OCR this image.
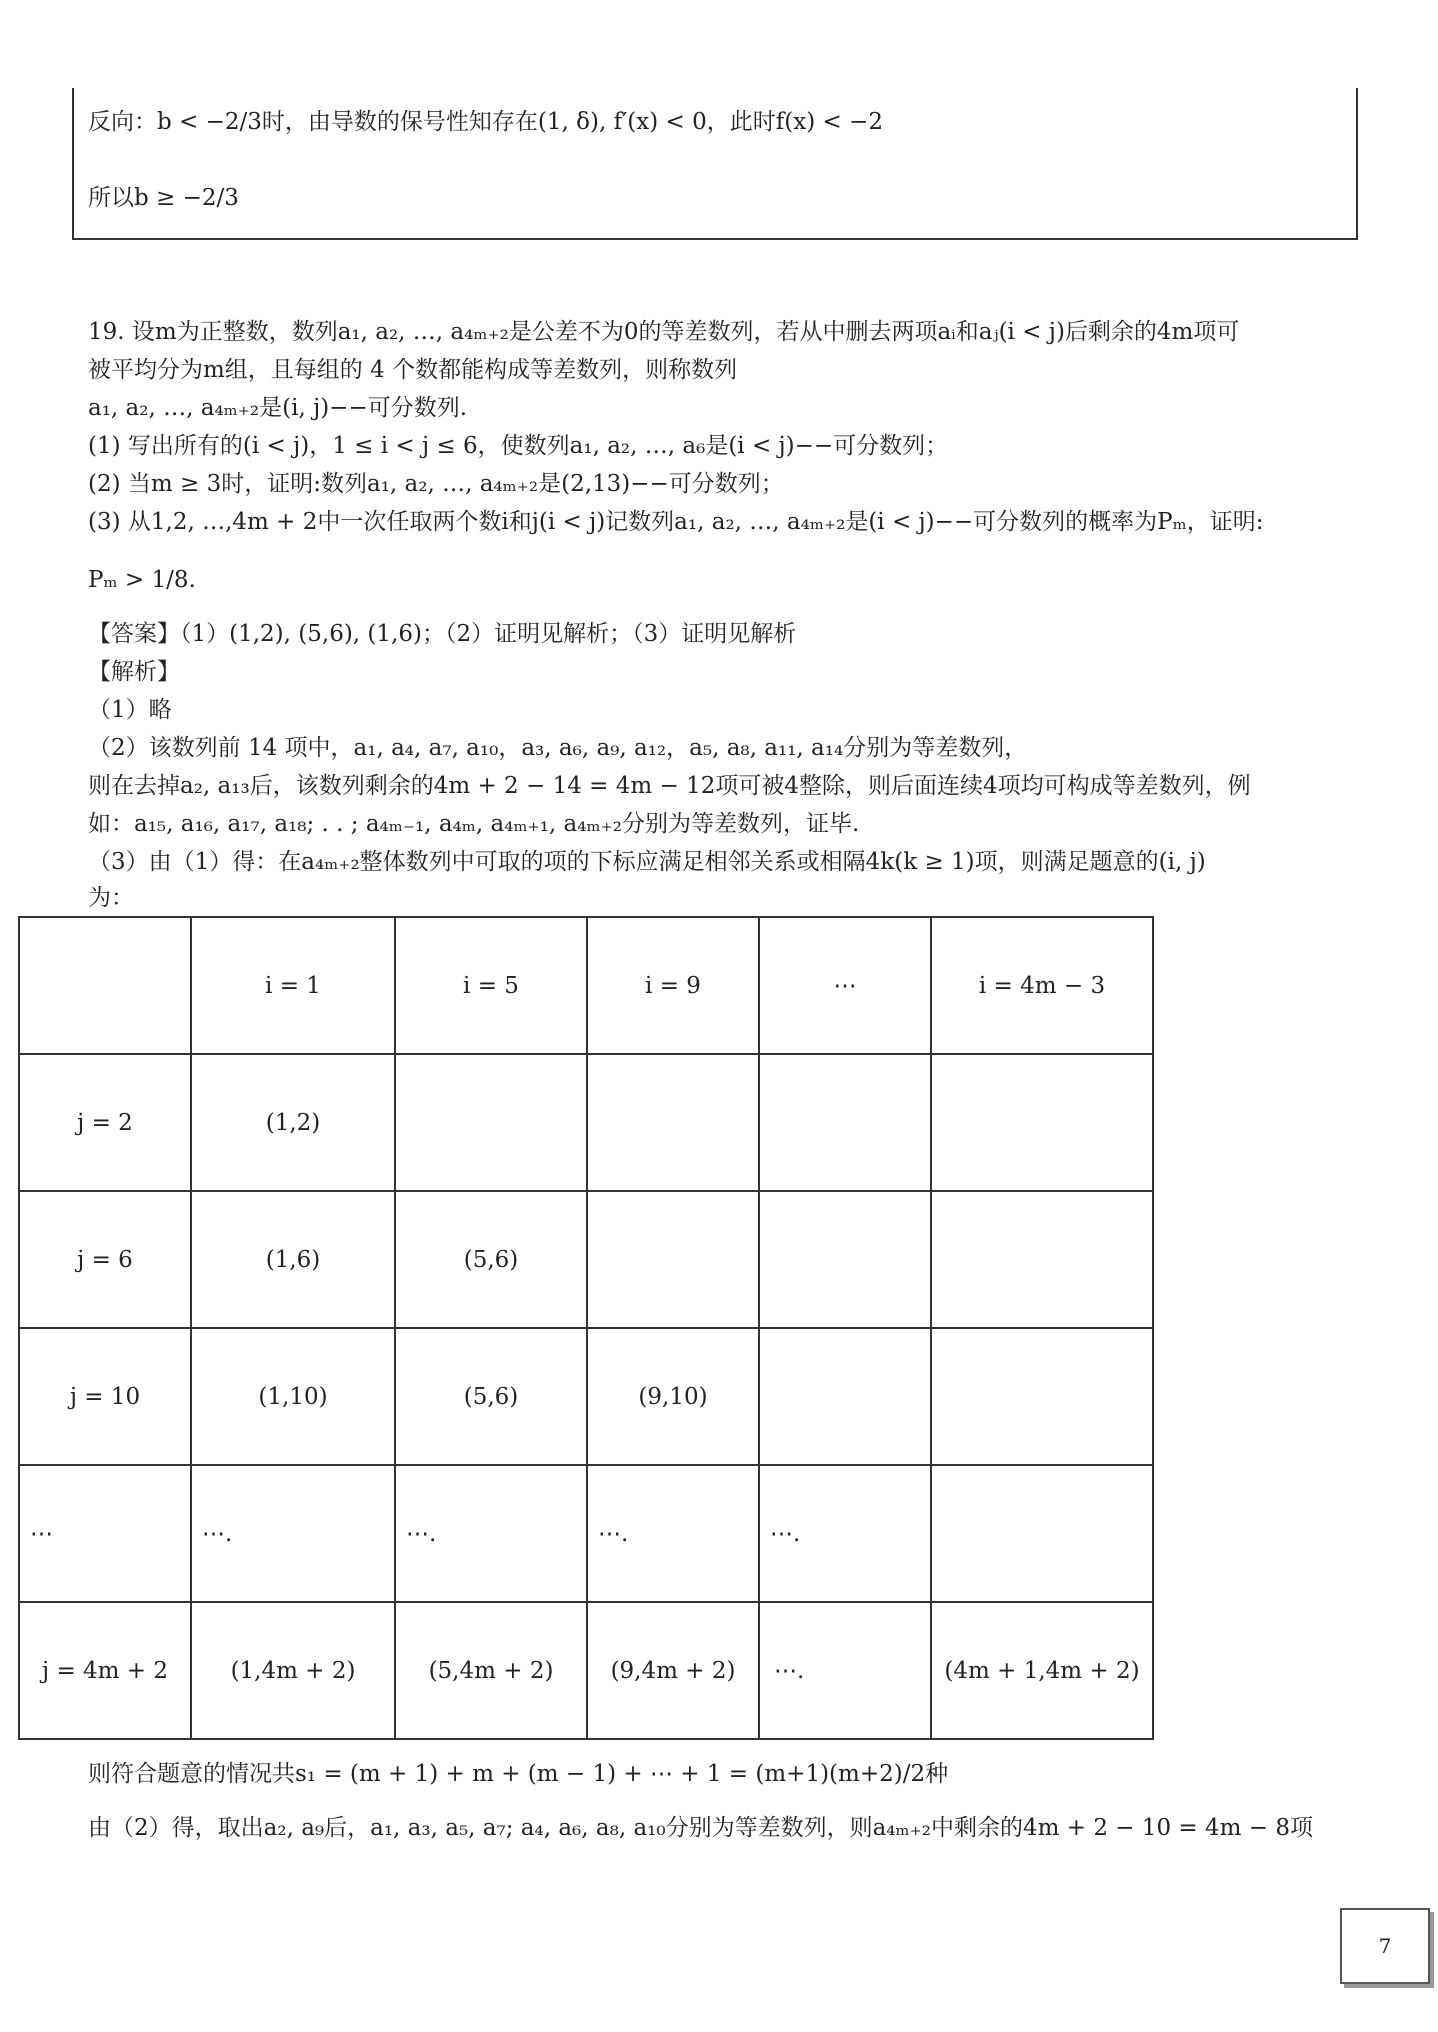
反向：b < −2/3时，由导数的保号性知存在(1, δ), f′(x) < 0，此时f(x) < −2
所以b ≥ −2/3
19. 设m为正整数，数列a₁, a₂, …, a₄ₘ₊₂是公差不为0的等差数列，若从中删去两项aᵢ和aⱼ(i < j)后剩余的4m项可
被平均分为m组，且每组的 4 个数都能构成等差数列，则称数列
a₁, a₂, …, a₄ₘ₊₂是(i, j)−−可分数列.
(1) 写出所有的(i < j)，1 ≤ i < j ≤ 6，使数列a₁, a₂, …, a₆是(i < j)−−可分数列；
(2) 当m ≥ 3时，证明:数列a₁, a₂, …, a₄ₘ₊₂是(2,13)−−可分数列；
(3) 从1,2, …,4m + 2中一次任取两个数i和j(i < j)记数列a₁, a₂, …, a₄ₘ₊₂是(i < j)−−可分数列的概率为Pₘ，证明:
Pₘ > 1/8.
【答案】（1）(1,2), (5,6), (1,6)；（2）证明见解析；（3）证明见解析
【解析】
（1）略
（2）该数列前 14 项中，a₁, a₄, a₇, a₁₀，a₃, a₆, a₉, a₁₂，a₅, a₈, a₁₁, a₁₄分别为等差数列，
则在去掉a₂, a₁₃后，该数列剩余的4m + 2 − 14 = 4m − 12项可被4整除，则后面连续4项均可构成等差数列，例
如：a₁₅, a₁₆, a₁₇, a₁₈; . . ; a₄ₘ₋₁, a₄ₘ, a₄ₘ₊₁, a₄ₘ₊₂分别为等差数列，证毕.
（3）由（1）得：在a₄ₘ₊₂整体数列中可取的项的下标应满足相邻关系或相隔4k(k ≥ 1)项，则满足题意的(i, j)
为：
	i = 1	i = 5	i = 9	⋯	i = 4m − 3
j = 2	(1,2)				
j = 6	(1,6)	(5,6)			
j = 10	(1,10)	(5,6)	(9,10)		
⋯	⋯.	⋯.	⋯.	⋯.	
j = 4m + 2	(1,4m + 2)	(5,4m + 2)	(9,4m + 2)	⋯.	(4m + 1,4m + 2)
则符合题意的情况共s₁ = (m + 1) + m + (m − 1) + ⋯ + 1 = (m+1)(m+2)/2种
由（2）得，取出a₂, a₉后，a₁, a₃, a₅, a₇; a₄, a₆, a₈, a₁₀分别为等差数列，则a₄ₘ₊₂中剩余的4m + 2 − 10 = 4m − 8项
7
